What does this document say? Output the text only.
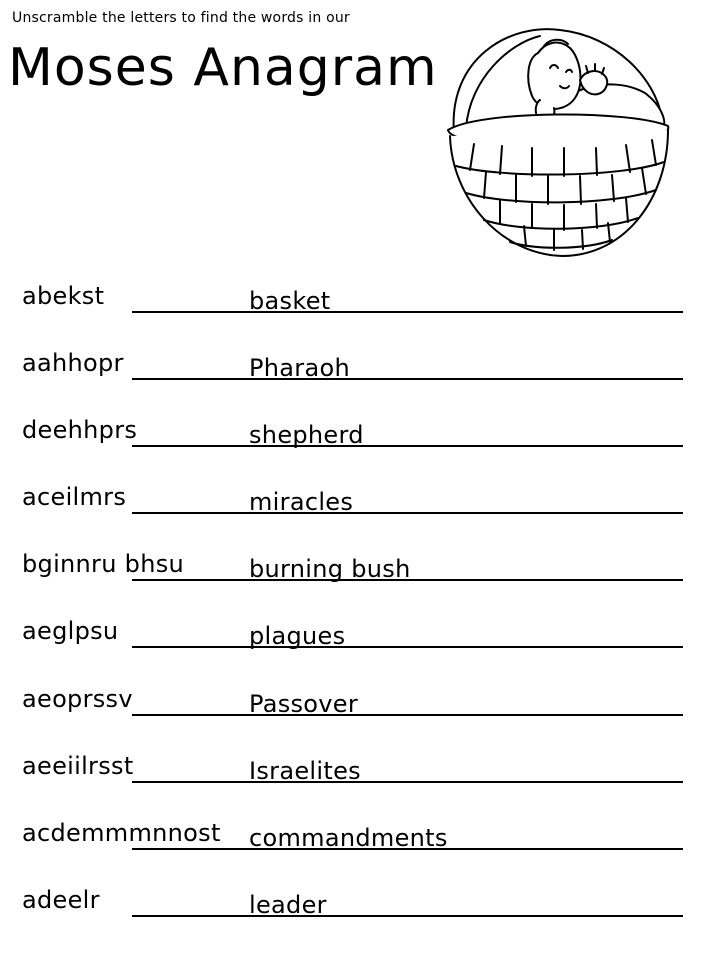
Unscramble the letters to find the words in our
Moses Anagram
abekst	basket
aahhopr	Pharaoh
deehhprs	shepherd
aceilmrs	miracles
bginnru bhsu	burning bush
aeglpsu	plagues
aeoprssv	Passover
aeeiilrsst	Israelites
acdemmmnnost commandments
adeelr	leader
